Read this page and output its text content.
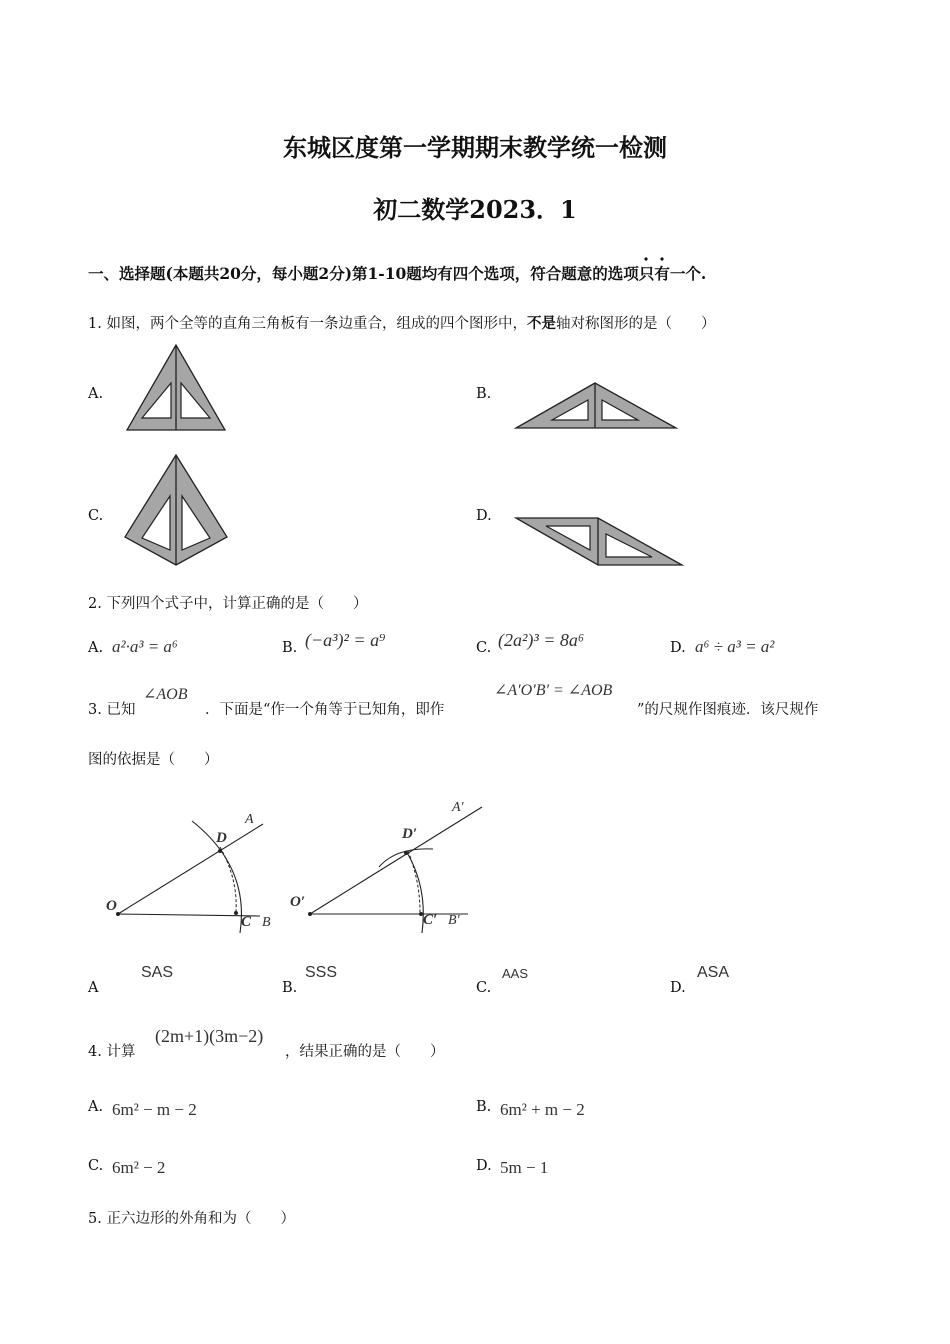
东城区度第一学期期末教学统一检测
初二数学2023．1
一、选择题(本题共20分，每小题2分)第1-10题均有四个选项，符合题意的选项只有
一个.
1. 如图，两个全等的直角三角板有一条边重合，组成的四个图形中，不是轴对称图形的是（　　）
A.	B.
C.	D.
2. 下列四个式子中，计算正确的是（　　）
A. a²·a³ = a⁶	B. (−a³)² = a⁹	C. (2a²)³ = 8a⁶	D. a⁶ ÷ a³ = a²
3. 已知
∠AOB
．下面是“作一个角等于已知角，即作
∠A′O′B′ = ∠AOB
”的尺规作图痕迹．该尺规作
图的依据是（　　）
O
A
D
C B
O′
A′
D′
C′ B′
A
SAS
B.
SSS
C.
AAS
D.
ASA
4. 计算
(2m+1)(3m−2)
，结果正确的是（　　）
A. 6m² − m − 2	B. 6m² + m − 2
C. 6m² − 2	D. 5m − 1
5. 正六边形的外角和为（　　）
